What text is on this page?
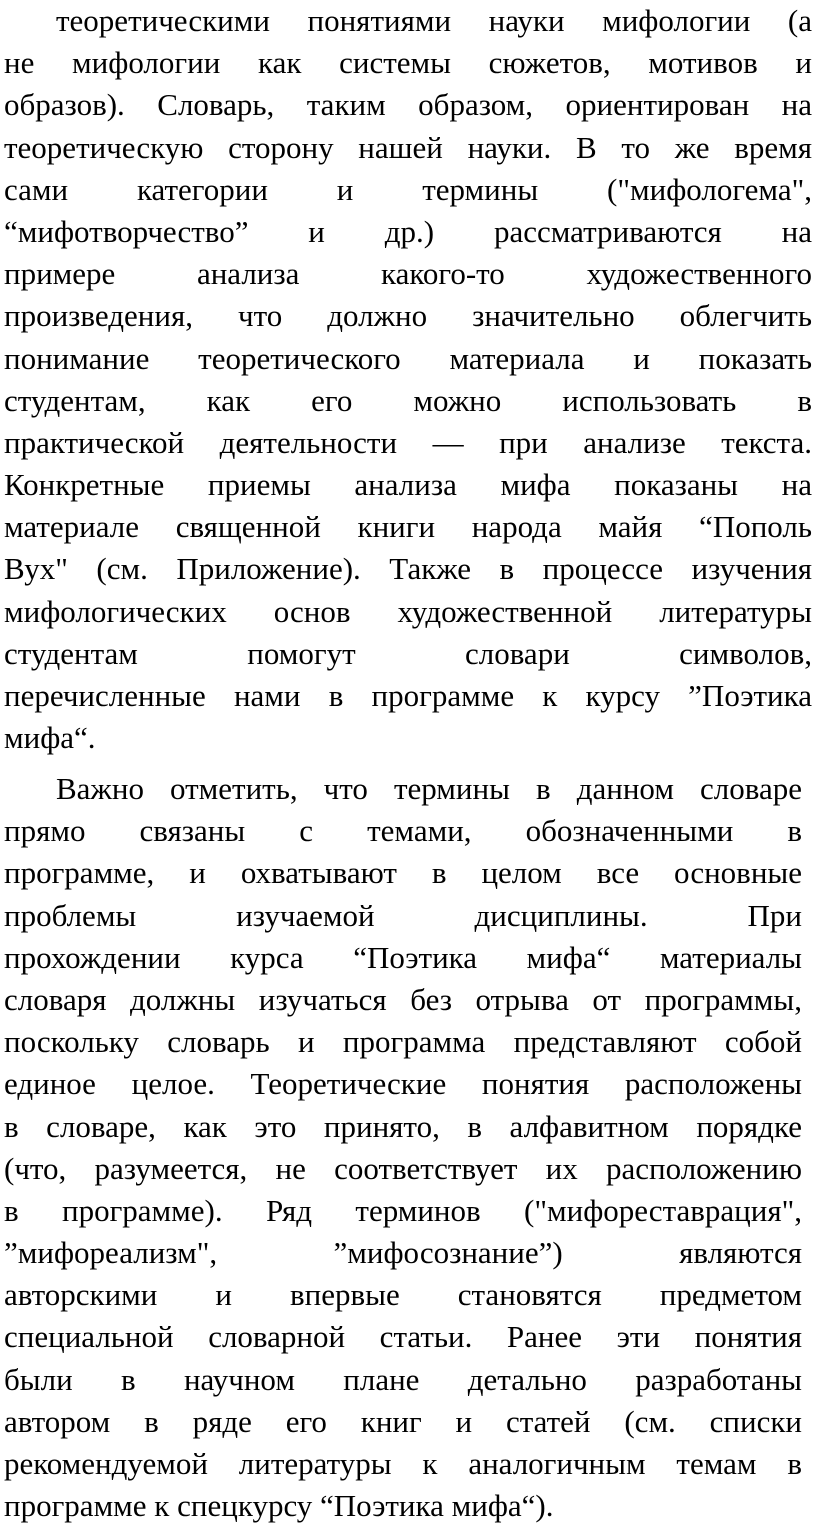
теоретическими понятиями науки мифологии (а
не мифологии как системы сюжетов, мотивов и
образов). Словарь, таким образом, ориентирован на
теоретическую сторону нашей науки. В то же время
сами категории и термины ("мифологема",
“мифотворчество” и др.) рассматриваются на
примере анализа какого-то художественного
произведения, что должно значительно облегчить
понимание теоретического материала и показать
студентам, как его можно использовать в
практической деятельности — при анализе текста.
Конкретные приемы анализа мифа показаны на
материале священной книги народа майя “Пополь
Вух" (см. Приложение). Также в процессе изучения
мифологических основ художественной литературы
студентам помогут словари символов,
перечисленные нами в программе к курсу ”Поэтика
мифа“.
Важно отметить, что термины в данном словаре
прямо связаны с темами, обозначенными в
программе, и охватывают в целом все основные
проблемы изучаемой дисциплины. При
прохождении курса “Поэтика мифа“ материалы
словаря должны изучаться без отрыва от программы,
поскольку словарь и программа представляют собой
единое целое. Теоретические понятия расположены
в словаре, как это принято, в алфавитном порядке
(что, разумеется, не соответствует их расположению
в программе). Ряд терминов ("мифореставрация",
”мифореализм", ”мифосознание”) являются
авторскими и впервые становятся предметом
специальной словарной статьи. Ранее эти понятия
были в научном плане детально разработаны
автором в ряде его книг и статей (см. списки
рекомендуемой литературы к аналогичным темам в
программе к спецкурсу “Поэтика мифа“).
